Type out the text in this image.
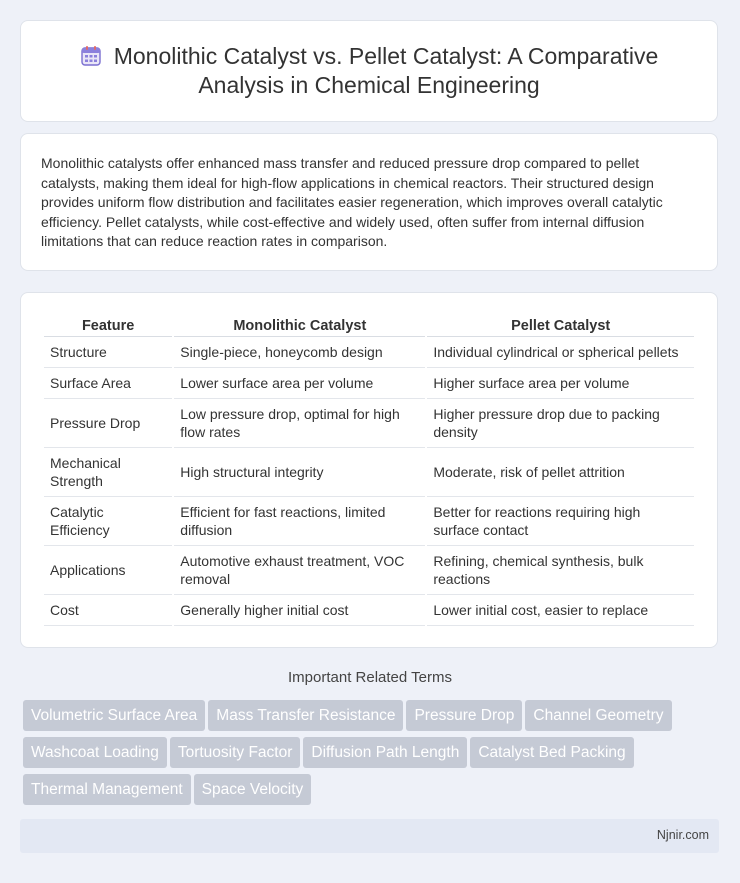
Monolithic Catalyst vs. Pellet Catalyst: A Comparative Analysis in Chemical Engineering

Monolithic catalysts offer enhanced mass transfer and reduced pressure drop compared to pellet catalysts, making them ideal for high-flow applications in chemical reactors. Their structured design provides uniform flow distribution and facilitates easier regeneration, which improves overall catalytic efficiency. Pellet catalysts, while cost-effective and widely used, often suffer from internal diffusion limitations that can reduce reaction rates in comparison.

Feature	Monolithic Catalyst	Pellet Catalyst
Structure	Single-piece, honeycomb design	Individual cylindrical or spherical pellets
Surface Area	Lower surface area per volume	Higher surface area per volume
Pressure Drop	Low pressure drop, optimal for high flow rates	Higher pressure drop due to packing density
Mechanical Strength	High structural integrity	Moderate, risk of pellet attrition
Catalytic Efficiency	Efficient for fast reactions, limited diffusion	Better for reactions requiring high surface contact
Applications	Automotive exhaust treatment, VOC removal	Refining, chemical synthesis, bulk reactions
Cost	Generally higher initial cost	Lower initial cost, easier to replace
Important Related Terms
Volumetric Surface Area Mass Transfer Resistance Pressure Drop Channel Geometry
Washcoat Loading Tortuosity Factor Diffusion Path Length Catalyst Bed Packing
Thermal Management Space Velocity
Njnir.com
